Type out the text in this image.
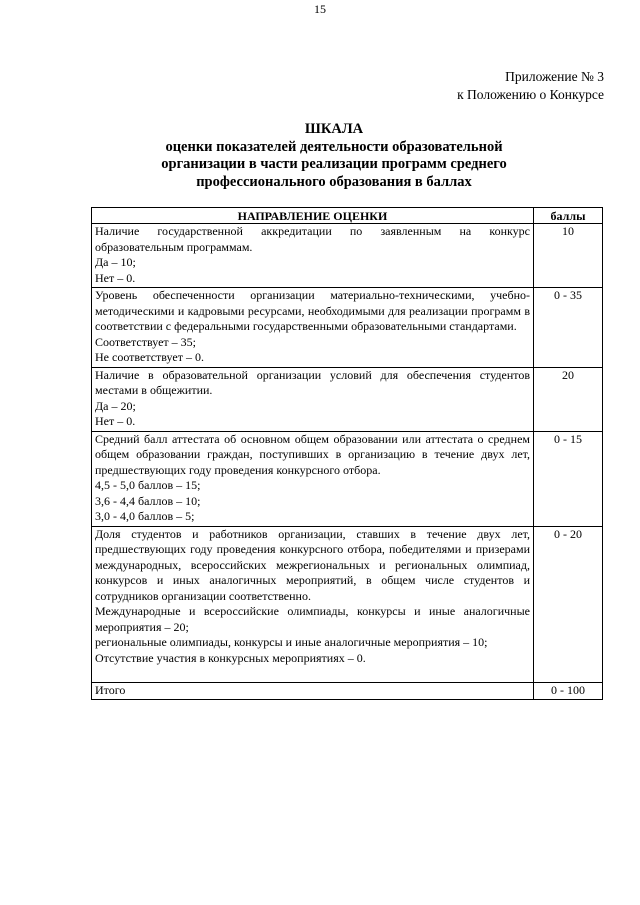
15
Приложение № 3
к Положению о Конкурсе
ШКАЛА
оценки показателей деятельности образовательной
организации в части реализации программ среднего
профессионального образования в баллах
НАПРАВЛЕНИЕ ОЦЕНКИ	баллы

Наличие государственной аккредитации по заявленным на конкурс образовательным программам.
Да – 10;
Нет – 0.	10

Уровень обеспеченности организации материально-техническими, учебно-методическими и кадровыми ресурсами, необходимыми для реализации программ в соответствии с федеральными государственными образовательными стандартами.
Соответствует – 35;
Не соответствует – 0.	0 - 35

Наличие в образовательной организации условий для обеспечения студентов местами в общежитии.
Да – 20;
Нет – 0.	20

Средний балл аттестата об основном общем образовании или аттестата о среднем общем образовании граждан, поступивших в организацию в течение двух лет, предшествующих году проведения конкурсного отбора.
4,5 - 5,0 баллов – 15;
3,6 - 4,4 баллов – 10;
3,0 - 4,0 баллов – 5;	0 - 15

Доля студентов и работников организации, ставших в течение двух лет, предшествующих году проведения конкурсного отбора, победителями и призерами международных, всероссийских межрегиональных и региональных олимпиад, конкурсов и иных аналогичных мероприятий, в общем числе студентов и сотрудников организации соответственно.
Международные и всероссийские олимпиады, конкурсы и иные аналогичные мероприятия – 20;
региональные олимпиады, конкурсы и иные аналогичные мероприятия – 10;
Отсутствие участия в конкурсных мероприятиях – 0.	0 - 20
Итого	0 - 100
